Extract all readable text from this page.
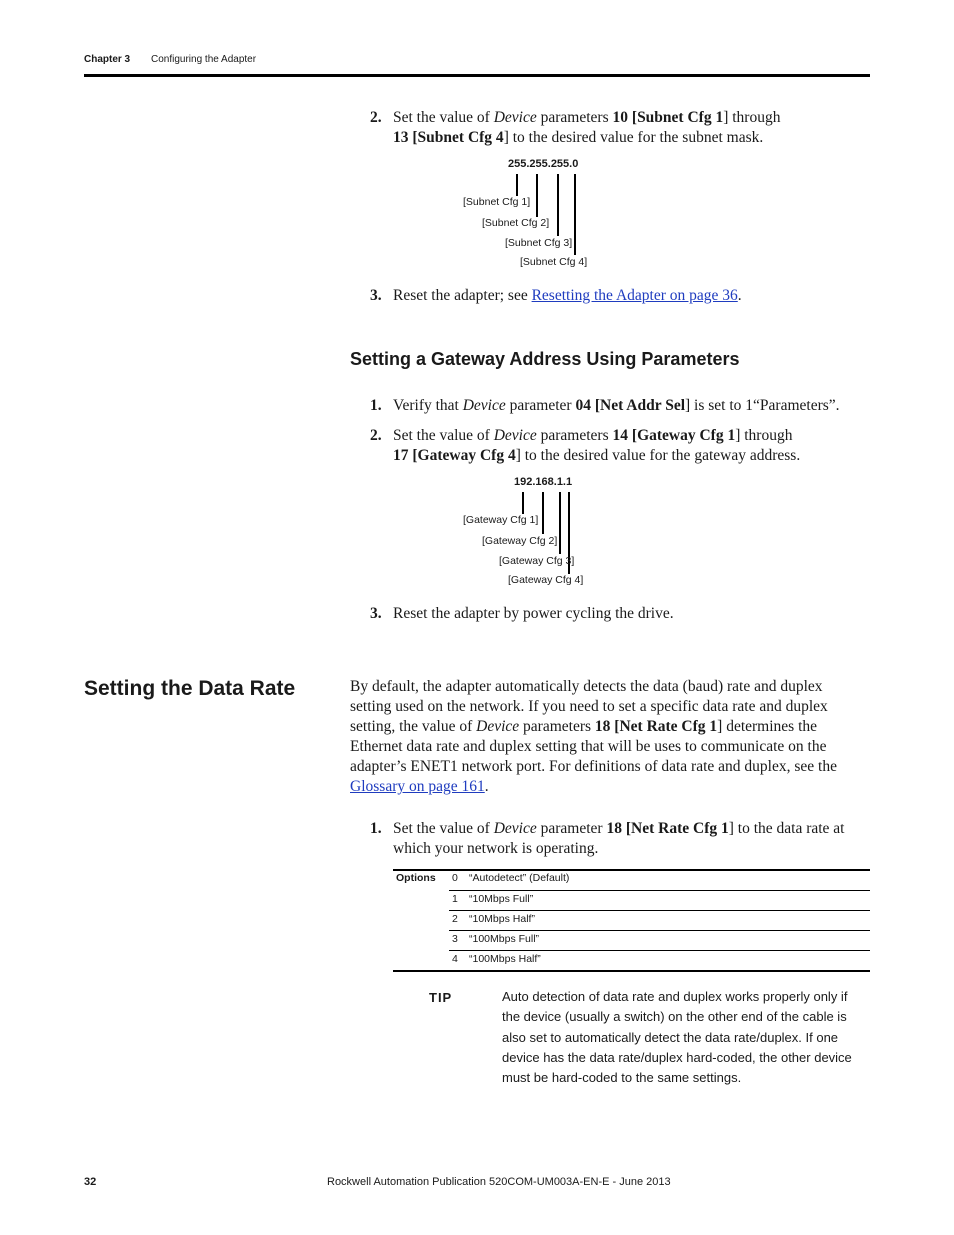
Chapter 3 Configuring the Adapter
2. Set the value of Device parameters 10 [Subnet Cfg 1] through
13 [Subnet Cfg 4] to the desired value for the subnet mask.
255.255.255.0
[Subnet Cfg 1]
[Subnet Cfg 2]
[Subnet Cfg 3]
[Subnet Cfg 4]
3. Reset the adapter; see Resetting the Adapter on page 36.
Setting a Gateway Address Using Parameters
1. Verify that Device parameter 04 [Net Addr Sel] is set to 1“Parameters”.
2. Set the value of Device parameters 14 [Gateway Cfg 1] through
17 [Gateway Cfg 4] to the desired value for the gateway address.
192.168.1.1
[Gateway Cfg 1]
[Gateway Cfg 2]
[Gateway Cfg 3]
[Gateway Cfg 4]
3. Reset the adapter by power cycling the drive.
Setting the Data Rate	By default, the adapter automatically detects the data (baud) rate and duplex setting used on the network. If you need to set a specific data rate and duplex setting, the value of Device parameters 18 [Net Rate Cfg 1] determines the Ethernet data rate and duplex setting that will be uses to communicate on the adapter’s ENET1 network port. For definitions of data rate and duplex, see the Glossary on page 161.
1. Set the value of Device parameter 18 [Net Rate Cfg 1] to the data rate at which your network is operating.
Options 0 “Autodetect” (Default)
1 “10Mbps Full”
2 “10Mbps Half”
3 “100Mbps Full”
4 “100Mbps Half”
TIP	Auto detection of data rate and duplex works properly only if the device (usually a switch) on the other end of the cable is also set to automatically detect the data rate/duplex. If one device has the data rate/duplex hard-coded, the other device must be hard-coded to the same settings.
32	Rockwell Automation Publication 520COM-UM003A-EN-E - June 2013
